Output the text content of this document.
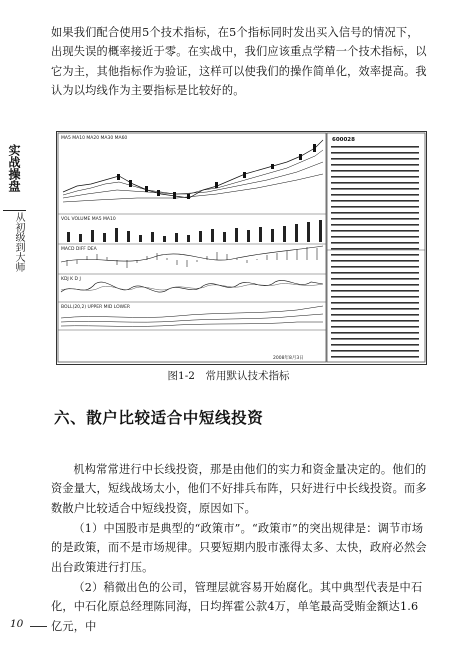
如果我们配合使用5个技术指标，在5个指标同时发出买入信号的情况下，出现失误的概率接近于零。在实战中，我们应该重点学精一个技术指标，以它为主，其他指标作为验证，这样可以使我们的操作简单化，效率提高。我认为以均线作为主要指标是比较好的。
实战操盘
从初级到大师
MA5 MA10 MA20 MA30 MA60
VOL VOLUME MA5 MA10
MACD DIFF DEA
KDJ K D J
BOLL(20,2) UPPER MID LOWER
2008年8月3日
600028
图1-2　常用默认技术指标
六、散户比较适合中短线投资
机构常常进行中长线投资，那是由他们的实力和资金量决定的。他们的资金量大，短线战场太小，他们不好排兵布阵，只好进行中长线投资。而多数散户比较适合中短线投资，原因如下。
（1）中国股市是典型的“政策市”。“政策市”的突出规律是：调节市场的是政策，而不是市场规律。只要短期内股市涨得太多、太快，政府必然会出台政策进行打压。
（2）稍微出色的公司，管理层就容易开始腐化。其中典型代表是中石化，中石化原总经理陈同海，日均挥霍公款4万，单笔最高受贿金额达1.6亿元，中
10
